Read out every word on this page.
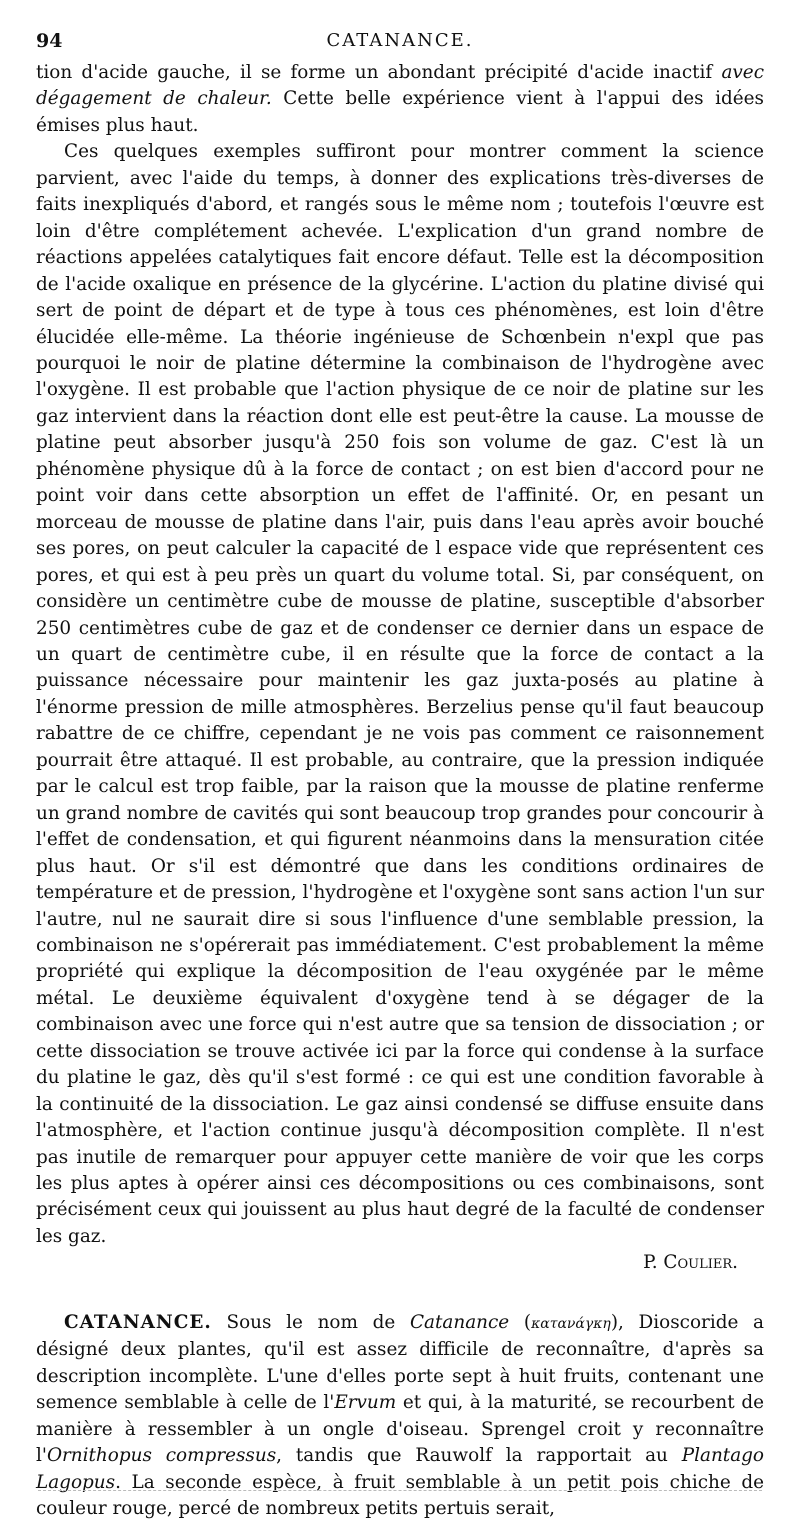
94	CATANANCE.

tion d'acide gauche, il se forme un abondant précipité d'acide inactif avec dégagement de chaleur. Cette belle expérience vient à l'appui des idées émises plus haut.

Ces quelques exemples suffiront pour montrer comment la science parvient, avec l'aide du temps, à donner des explications très-diverses de faits inexpliqués d'abord, et rangés sous le même nom ; toutefois l'œuvre est loin d'être complétement achevée. L'explication d'un grand nombre de réactions appelées catalytiques fait encore défaut. Telle est la décomposition de l'acide oxalique en présence de la glycérine. L'action du platine divisé qui sert de point de départ et de type à tous ces phénomènes, est loin d'être élucidée elle-même. La théorie ingénieuse de Schœnbein n'expl que pas pourquoi le noir de platine détermine la combinaison de l'hydrogène avec l'oxygène. Il est probable que l'action physique de ce noir de platine sur les gaz intervient dans la réaction dont elle est peut-être la cause. La mousse de platine peut absorber jusqu'à 250 fois son volume de gaz. C'est là un phénomène physique dû à la force de contact ; on est bien d'accord pour ne point voir dans cette absorption un effet de l'affinité. Or, en pesant un morceau de mousse de platine dans l'air, puis dans l'eau après avoir bouché ses pores, on peut calculer la capacité de l espace vide que représentent ces pores, et qui est à peu près un quart du volume total. Si, par conséquent, on considère un centimètre cube de mousse de platine, susceptible d'absorber 250 centimètres cube de gaz et de condenser ce dernier dans un espace de un quart de centimètre cube, il en résulte que la force de contact a la puissance nécessaire pour maintenir les gaz juxta-posés au platine à l'énorme pression de mille atmosphères. Berzelius pense qu'il faut beaucoup rabattre de ce chiffre, cependant je ne vois pas comment ce raisonnement pourrait être attaqué. Il est probable, au contraire, que la pression indiquée par le calcul est trop faible, par la raison que la mousse de platine renferme un grand nombre de cavités qui sont beaucoup trop grandes pour concourir à l'effet de condensation, et qui figurent néanmoins dans la mensuration citée plus haut. Or s'il est démontré que dans les conditions ordinaires de température et de pression, l'hydrogène et l'oxygène sont sans action l'un sur l'autre, nul ne saurait dire si sous l'influence d'une semblable pression, la combinaison ne s'opérerait pas immédiatement. C'est probablement la même propriété qui explique la décomposition de l'eau oxygénée par le même métal. Le deuxième équivalent d'oxygène tend à se dégager de la combinaison avec une force qui n'est autre que sa tension de dissociation ; or cette dissociation se trouve activée ici par la force qui condense à la surface du platine le gaz, dès qu'il s'est formé : ce qui est une condition favorable à la continuité de la dissociation. Le gaz ainsi condensé se diffuse ensuite dans l'atmosphère, et l'action continue jusqu'à décomposition complète. Il n'est pas inutile de remarquer pour appuyer cette manière de voir que les corps les plus aptes à opérer ainsi ces décompositions ou ces combinaisons, sont précisément ceux qui jouissent au plus haut degré de la faculté de condenser les gaz.

P. Coulier.

CATANANCE. Sous le nom de Catanance (κατανάγκη), Dioscoride a désigné deux plantes, qu'il est assez difficile de reconnaître, d'après sa description incomplète. L'une d'elles porte sept à huit fruits, contenant une semence semblable à celle de l'Ervum et qui, à la maturité, se recourbent de manière à ressembler à un ongle d'oiseau. Sprengel croit y reconnaître l'Ornithopus compressus, tandis que Rauwolf la rapportait au Plantago Lagopus. La seconde espèce, à fruit semblable à un petit pois chiche de couleur rouge, percé de nombreux petits pertuis serait,
